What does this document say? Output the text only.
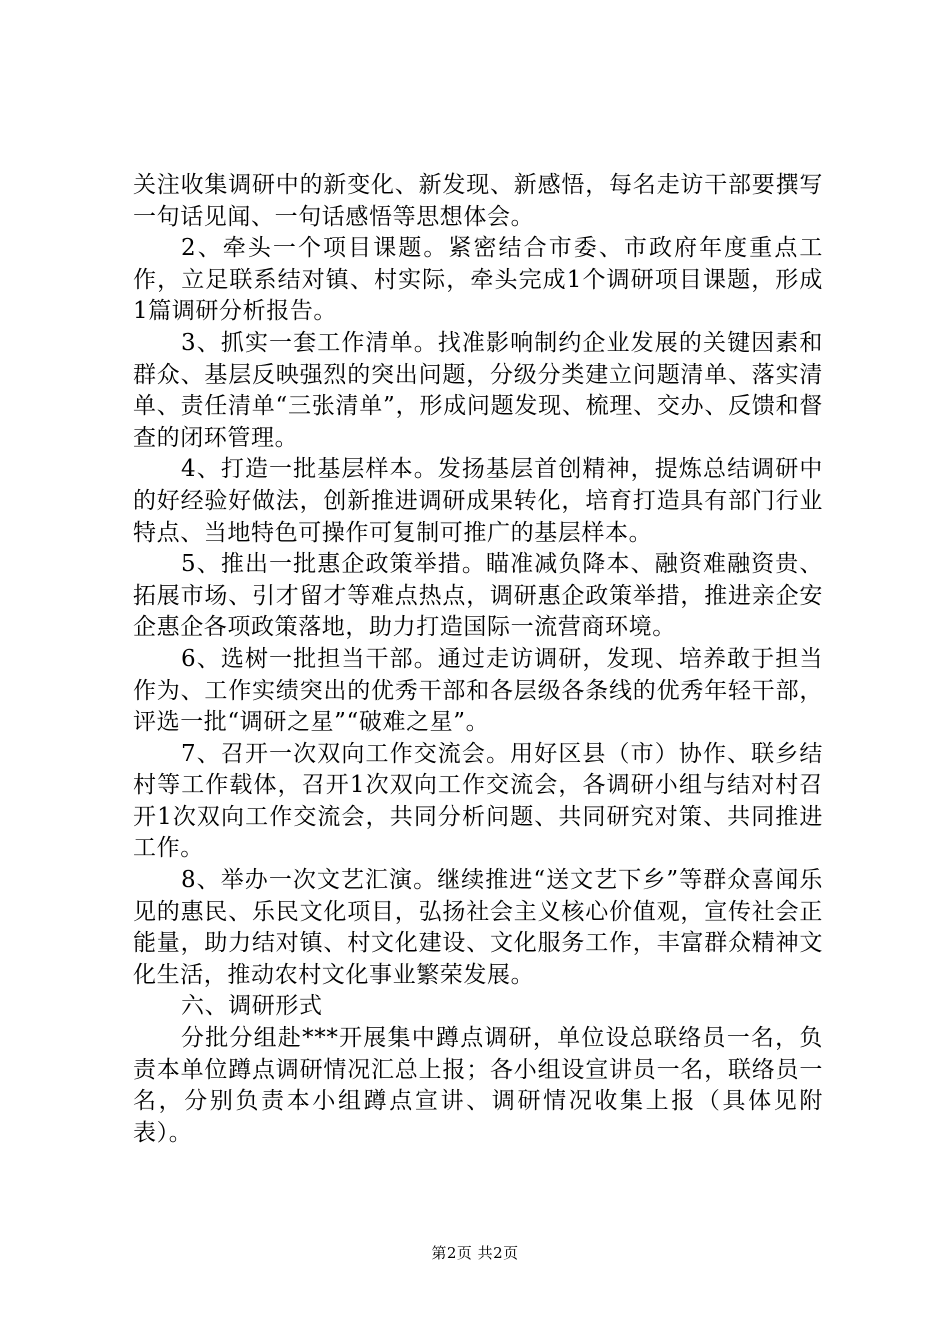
关注收集调研中的新变化、新发现、新感悟，每名走访干部要撰写一句话见闻、一句话感悟等思想体会。

2、牵头一个项目课题。紧密结合市委、市政府年度重点工作，立足联系结对镇、村实际，牵头完成1个调研项目课题，形成1篇调研分析报告。

3、抓实一套工作清单。找准影响制约企业发展的关键因素和群众、基层反映强烈的突出问题，分级分类建立问题清单、落实清单、责任清单“三张清单”，形成问题发现、梳理、交办、反馈和督查的闭环管理。

4、打造一批基层样本。发扬基层首创精神，提炼总结调研中的好经验好做法，创新推进调研成果转化，培育打造具有部门行业特点、当地特色可操作可复制可推广的基层样本。

5、推出一批惠企政策举措。瞄准减负降本、融资难融资贵、拓展市场、引才留才等难点热点，调研惠企政策举措，推进亲企安企惠企各项政策落地，助力打造国际一流营商环境。

6、选树一批担当干部。通过走访调研，发现、培养敢于担当作为、工作实绩突出的优秀干部和各层级各条线的优秀年轻干部，评选一批“调研之星”“破难之星”。

7、召开一次双向工作交流会。用好区县（市）协作、联乡结村等工作载体，召开1次双向工作交流会，各调研小组与结对村召开1次双向工作交流会，共同分析问题、共同研究对策、共同推进工作。

8、举办一次文艺汇演。继续推进“送文艺下乡”等群众喜闻乐见的惠民、乐民文化项目，弘扬社会主义核心价值观，宣传社会正能量，助力结对镇、村文化建设、文化服务工作，丰富群众精神文化生活，推动农村文化事业繁荣发展。

六、调研形式

分批分组赴***开展集中蹲点调研，单位设总联络员一名，负责本单位蹲点调研情况汇总上报；各小组设宣讲员一名，联络员一名，分别负责本小组蹲点宣讲、调研情况收集上报（具体见附表）。

第2页 共2页
